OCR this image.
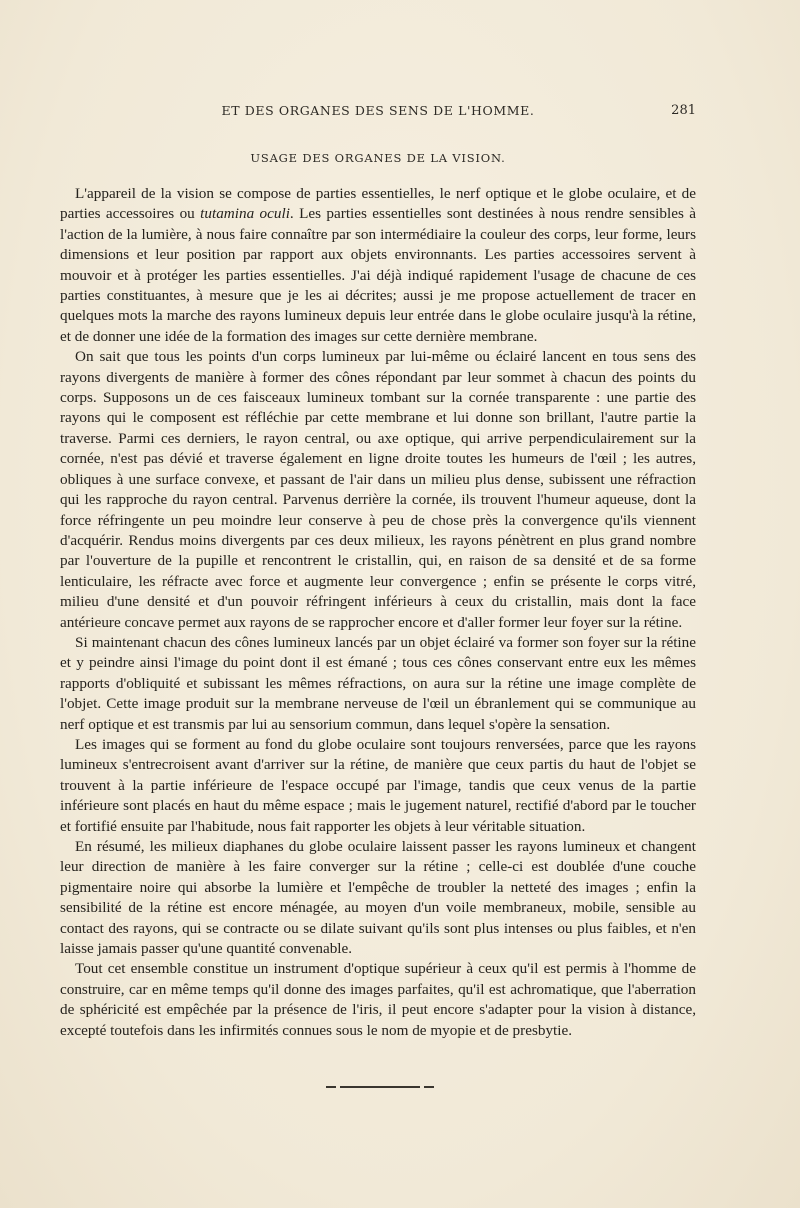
ET DES ORGANES DES SENS DE L'HOMME.	281
USAGE DES ORGANES DE LA VISION.

L'appareil de la vision se compose de parties essentielles, le nerf optique et le globe oculaire, et de parties accessoires ou tutamina oculi. Les parties essentielles sont destinées à nous rendre sensibles à l'action de la lumière, à nous faire connaître par son intermédiaire la couleur des corps, leur forme, leurs dimensions et leur position par rapport aux objets environnants. Les parties accessoires servent à mouvoir et à protéger les parties essentielles. J'ai déjà indiqué rapidement l'usage de chacune de ces parties constituantes, à mesure que je les ai décrites; aussi je me propose actuellement de tracer en quelques mots la marche des rayons lumineux depuis leur entrée dans le globe oculaire jusqu'à la rétine, et de donner une idée de la formation des images sur cette dernière membrane.

On sait que tous les points d'un corps lumineux par lui-même ou éclairé lancent en tous sens des rayons divergents de manière à former des cônes répondant par leur sommet à chacun des points du corps. Supposons un de ces faisceaux lumineux tombant sur la cornée transparente : une partie des rayons qui le composent est réfléchie par cette membrane et lui donne son brillant, l'autre partie la traverse. Parmi ces derniers, le rayon central, ou axe optique, qui arrive perpendiculairement sur la cornée, n'est pas dévié et traverse également en ligne droite toutes les humeurs de l'œil ; les autres, obliques à une surface convexe, et passant de l'air dans un milieu plus dense, subissent une réfraction qui les rapproche du rayon central. Parvenus derrière la cornée, ils trouvent l'humeur aqueuse, dont la force réfringente un peu moindre leur conserve à peu de chose près la convergence qu'ils viennent d'acquérir. Rendus moins divergents par ces deux milieux, les rayons pénètrent en plus grand nombre par l'ouverture de la pupille et rencontrent le cristallin, qui, en raison de sa densité et de sa forme lenticulaire, les réfracte avec force et augmente leur convergence ; enfin se présente le corps vitré, milieu d'une densité et d'un pouvoir réfringent inférieurs à ceux du cristallin, mais dont la face antérieure concave permet aux rayons de se rapprocher encore et d'aller former leur foyer sur la rétine.

Si maintenant chacun des cônes lumineux lancés par un objet éclairé va former son foyer sur la rétine et y peindre ainsi l'image du point dont il est émané ; tous ces cônes conservant entre eux les mêmes rapports d'obliquité et subissant les mêmes réfractions, on aura sur la rétine une image complète de l'objet. Cette image produit sur la membrane nerveuse de l'œil un ébranlement qui se communique au nerf optique et est transmis par lui au sensorium commun, dans lequel s'opère la sensation.

Les images qui se forment au fond du globe oculaire sont toujours renversées, parce que les rayons lumineux s'entrecroisent avant d'arriver sur la rétine, de manière que ceux partis du haut de l'objet se trouvent à la partie inférieure de l'espace occupé par l'image, tandis que ceux venus de la partie inférieure sont placés en haut du même espace ; mais le jugement naturel, rectifié d'abord par le toucher et fortifié ensuite par l'habitude, nous fait rapporter les objets à leur véritable situation.

En résumé, les milieux diaphanes du globe oculaire laissent passer les rayons lumineux et changent leur direction de manière à les faire converger sur la rétine ; celle-ci est doublée d'une couche pigmentaire noire qui absorbe la lumière et l'empêche de troubler la netteté des images ; enfin la sensibilité de la rétine est encore ménagée, au moyen d'un voile membraneux, mobile, sensible au contact des rayons, qui se contracte ou se dilate suivant qu'ils sont plus intenses ou plus faibles, et n'en laisse jamais passer qu'une quantité convenable.

Tout cet ensemble constitue un instrument d'optique supérieur à ceux qu'il est permis à l'homme de construire, car en même temps qu'il donne des images parfaites, qu'il est achromatique, que l'aberration de sphéricité est empêchée par la présence de l'iris, il peut encore s'adapter pour la vision à distance, excepté toutefois dans les infirmités connues sous le nom de myopie et de presbytie.
